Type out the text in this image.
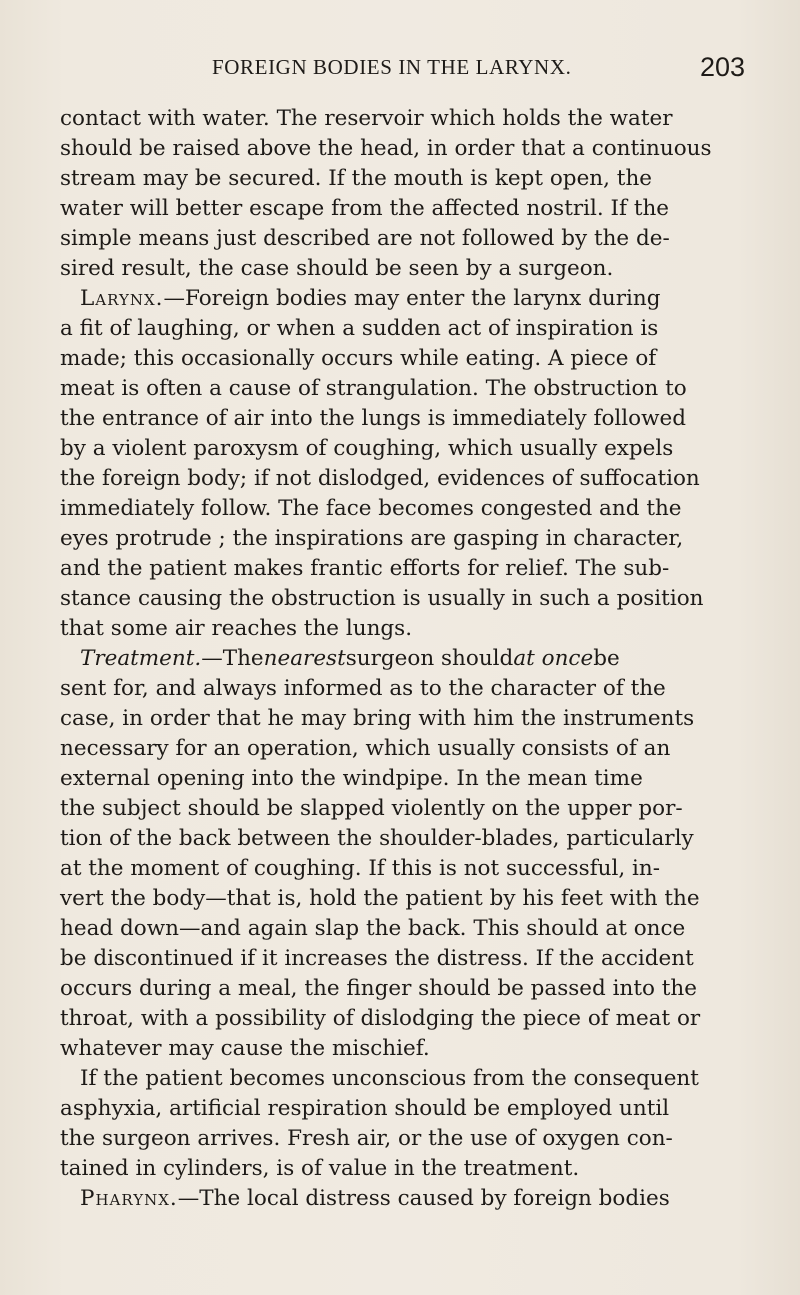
FOREIGN BODIES IN THE LARYNX.	203
contact with water. The reservoir which holds the water
should be raised above the head, in order that a continuous
stream may be secured. If the mouth is kept open, the
water will better escape from the affected nostril. If the
simple means just described are not followed by the de-
sired result, the case should be seen by a surgeon.
Larynx.—Foreign bodies may enter the larynx during
a fit of laughing, or when a sudden act of inspiration is
made; this occasionally occurs while eating. A piece of
meat is often a cause of strangulation. The obstruction to
the entrance of air into the lungs is immediately followed
by a violent paroxysm of coughing, which usually expels
the foreign body; if not dislodged, evidences of suffocation
immediately follow. The face becomes congested and the
eyes protrude ; the inspirations are gasping in character,
and the patient makes frantic efforts for relief. The sub-
stance causing the obstruction is usually in such a position
that some air reaches the lungs.
Treatment.—Thenearestsurgeon shouldat oncebe
sent for, and always informed as to the character of the
case, in order that he may bring with him the instruments
necessary for an operation, which usually consists of an
external opening into the windpipe. In the mean time
the subject should be slapped violently on the upper por-
tion of the back between the shoulder-blades, particularly
at the moment of coughing. If this is not successful, in-
vert the body—that is, hold the patient by his feet with the
head down—and again slap the back. This should at once
be discontinued if it increases the distress. If the accident
occurs during a meal, the finger should be passed into the
throat, with a possibility of dislodging the piece of meat or
whatever may cause the mischief.
If the patient becomes unconscious from the consequent
asphyxia, artificial respiration should be employed until
the surgeon arrives. Fresh air, or the use of oxygen con-
tained in cylinders, is of value in the treatment.
Pharynx.—The local distress caused by foreign bodies
